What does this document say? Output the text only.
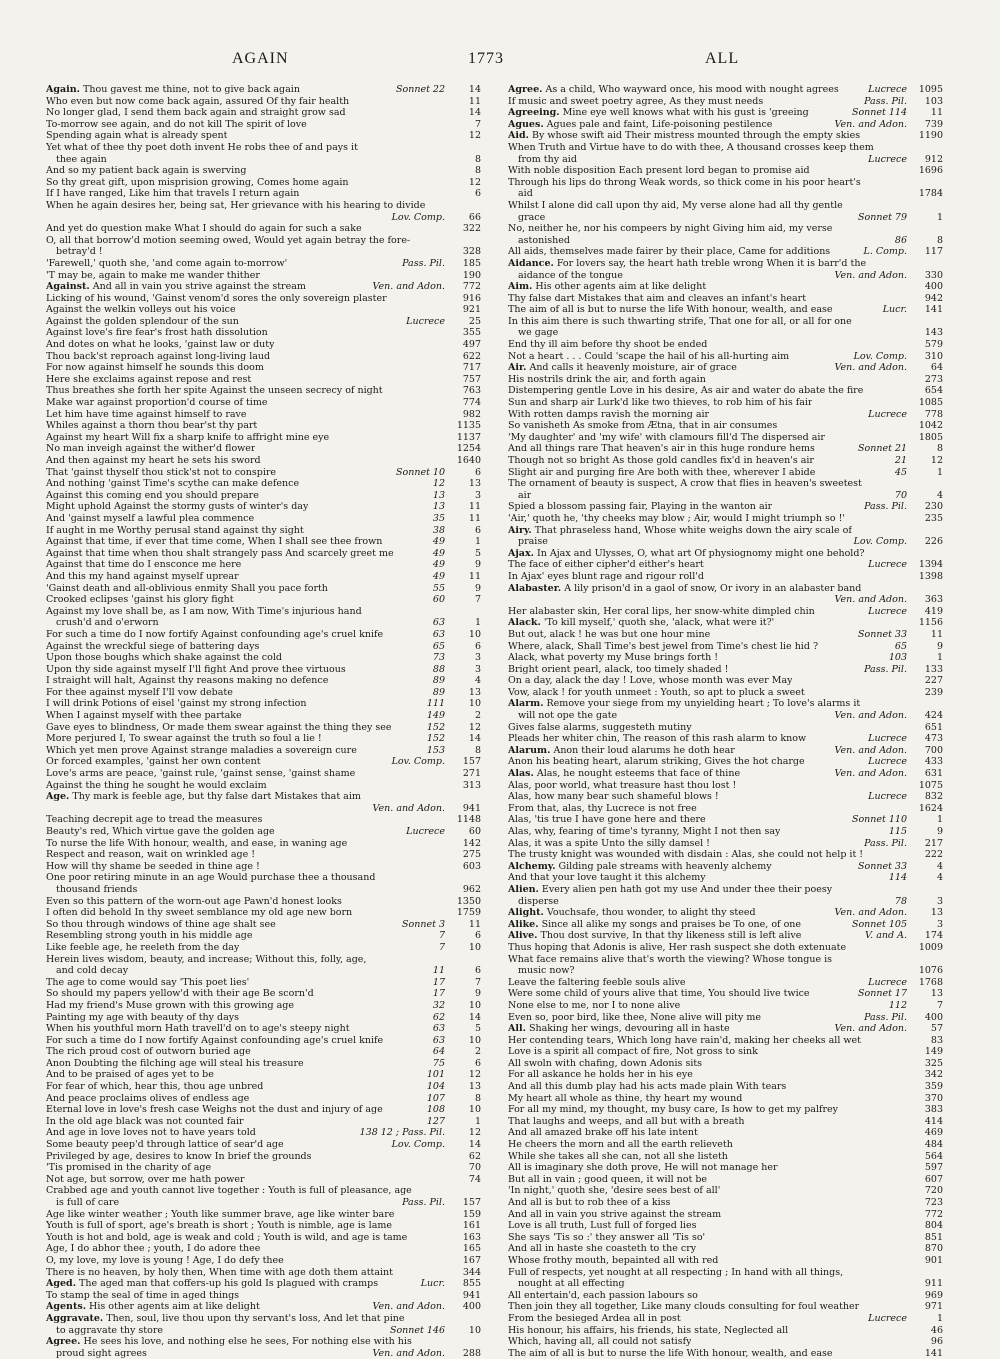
AGAIN	1773	ALL
Again. Thou gavest me thine, not to give back again	Sonnet 22	14
Who even but now come back again, assured Of thy fair health	11
No longer glad, I send them back again and straight grow sad	14
To-morrow see again, and do not kill The spirit of love	7
Spending again what is already spent	12
Yet what of thee thy poet doth invent He robs thee of and pays it
thee again	8
And so my patient back again is swerving	8
So thy great gift, upon misprision growing, Comes home again	12
If I have ranged, Like him that travels I return again	6
When he again desires her, being sat, Her grievance with his hearing to divide
Lov. Comp.	66
And yet do question make What I should do again for such a sake	322
O, all that borrow'd motion seeming owed, Would yet again betray the fore-
betray'd !	328
'Farewell,' quoth she, 'and come again to-morrow'	Pass. Pil.	185
'T may be, again to make me wander thither	190
Against. And all in vain you strive against the stream	Ven. and Adon.	772
Licking of his wound, 'Gainst venom'd sores the only sovereign plaster	916
Against the welkin volleys out his voice	921
Against the golden splendour of the sun	Lucrece	25
Against love's fire fear's frost hath dissolution	355
And dotes on what he looks, 'gainst law or duty	497
Thou back'st reproach against long-living laud	622
For now against himself he sounds this doom	717
Here she exclaims against repose and rest	757
Thus breathes she forth her spite Against the unseen secrecy of night	763
Make war against proportion'd course of time	774
Let him have time against himself to rave	982
Whiles against a thorn thou bear'st thy part	1135
Against my heart Will fix a sharp knife to affright mine eye	1137
No man inveigh against the wither'd flower	1254
And then against my heart he sets his sword	1640
That 'gainst thyself thou stick'st not to conspire	Sonnet 10	6
And nothing 'gainst Time's scythe can make defence	12	13
Against this coming end you should prepare	13	3
Might uphold Against the stormy gusts of winter's day	13	11
And 'gainst myself a lawful plea commence	35	11
If aught in me Worthy perusal stand against thy sight	38	6
Against that time, if ever that time come, When I shall see thee frown	49	1
Against that time when thou shalt strangely pass And scarcely greet me	49	5
Against that time do I ensconce me here	49	9
And this my hand against myself uprear	49	11
'Gainst death and all-oblivious enmity Shall you pace forth	55	9
Crooked eclipses 'gainst his glory fight	60	7
Against my love shall be, as I am now, With Time's injurious hand
crush'd and o'erworn	63	1
For such a time do I now fortify Against confounding age's cruel knife	63	10
Against the wreckful siege of battering days	65	6
Upon those boughs which shake against the cold	73	3
Upon thy side against myself I'll fight And prove thee virtuous	88	3
I straight will halt, Against thy reasons making no defence	89	4
For thee against myself I'll vow debate	89	13
I will drink Potions of eisel 'gainst my strong infection	111	10
When I against myself with thee partake	149	2
Gave eyes to blindness, Or made them swear against the thing they see	152	12
More perjured I, To swear against the truth so foul a lie !	152	14
Which yet men prove Against strange maladies a sovereign cure	153	8
Or forced examples, 'gainst her own content	Lov. Comp.	157
Love's arms are peace, 'gainst rule, 'gainst sense, 'gainst shame	271
Against the thing he sought he would exclaim	313
Age. Thy mark is feeble age, but thy false dart Mistakes that aim
Ven. and Adon.	941
Teaching decrepit age to tread the measures	1148
Beauty's red, Which virtue gave the golden age	Lucrece	60
To nurse the life With honour, wealth, and ease, in waning age	142
Respect and reason, wait on wrinkled age !	275
How will thy shame be seeded in thine age !	603
One poor retiring minute in an age Would purchase thee a thousand
thousand friends	962
Even so this pattern of the worn-out age Pawn'd honest looks	1350
I often did behold In thy sweet semblance my old age new born	1759
So thou through windows of thine age shalt see	Sonnet 3	11
Resembling strong youth in his middle age	7	6
Like feeble age, he reeleth from the day	7	10
Herein lives wisdom, beauty, and increase; Without this, folly, age,
and cold decay	11	6
The age to come would say 'This poet lies'	17	7
So should my papers yellow'd with their age Be scorn'd	17	9
Had my friend's Muse grown with this growing age	32	10
Painting my age with beauty of thy days	62	14
When his youthful morn Hath travell'd on to age's steepy night	63	5
For such a time do I now fortify Against confounding age's cruel knife	63	10
The rich proud cost of outworn buried age	64	2
Anon Doubting the filching age will steal his treasure	75	6
And to be praised of ages yet to be	101	12
For fear of which, hear this, thou age unbred	104	13
And peace proclaims olives of endless age	107	8
Eternal love in love's fresh case Weighs not the dust and injury of age	108	10
In the old age black was not counted fair	127	1
And age in love loves not to have years told	138 12 ; Pass. Pil.	12
Some beauty peep'd through lattice of sear'd age	Lov. Comp.	14
Privileged by age, desires to know In brief the grounds	62
'Tis promised in the charity of age	70
Not age, but sorrow, over me hath power	74
Crabbed age and youth cannot live together : Youth is full of pleasance, age
is full of care	Pass. Pil.	157
Age like winter weather ; Youth like summer brave, age like winter bare	159
Youth is full of sport, age's breath is short ; Youth is nimble, age is lame	161
Youth is hot and bold, age is weak and cold ; Youth is wild, and age is tame	163
Age, I do abhor thee ; youth, I do adore thee	165
O, my love, my love is young ! Age, I do defy thee	167
There is no heaven, by holy then, When time with age doth them attaint	344
Aged. The aged man that coffers-up his gold Is plagued with cramps	Lucr.	855
To stamp the seal of time in aged things	941
Agents. His other agents aim at like delight	Ven. and Adon.	400
Aggravate. Then, soul, live thou upon thy servant's loss, And let that pine
to aggravate thy store	Sonnet 146	10
Agree. He sees his love, and nothing else he sees, For nothing else with his
proud sight agrees	Ven. and Adon.	288
Agree. As a child, Who wayward once, his mood with nought agrees	Lucrece	1095
If music and sweet poetry agree, As they must needs	Pass. Pil.	103
Agreeing. Mine eye well knows what with his gust is 'greeing	Sonnet 114	11
Agues. Agues pale and faint, Life-poisoning pestilence	Ven. and Adon.	739
Aid. By whose swift aid Their mistress mounted through the empty skies	1190
When Truth and Virtue have to do with thee, A thousand crosses keep them
from thy aid	Lucrece	912
With noble disposition Each present lord began to promise aid	1696
Through his lips do throng Weak words, so thick come in his poor heart's
aid	1784
Whilst I alone did call upon thy aid, My verse alone had all thy gentle
grace	Sonnet 79	1
No, neither he, nor his compeers by night Giving him aid, my verse
astonished	86	8
All aids, themselves made fairer by their place, Came for additions	L. Comp.	117
Aidance. For lovers say, the heart hath treble wrong When it is barr'd the
aidance of the tongue	Ven. and Adon.	330
Aim. His other agents aim at like delight	400
Thy false dart Mistakes that aim and cleaves an infant's heart	942
The aim of all is but to nurse the life With honour, wealth, and ease	Lucr.	141
In this aim there is such thwarting strife, That one for all, or all for one
we gage	143
End thy ill aim before thy shoot be ended	579
Not a heart . . . Could 'scape the hail of his all-hurting aim	Lov. Comp.	310
Air. And calls it heavenly moisture, air of grace	Ven. and Adon.	64
His nostrils drink the air, and forth again	273
Distempering gentle Love in his desire, As air and water do abate the fire	654
Sun and sharp air Lurk'd like two thieves, to rob him of his fair	1085
With rotten damps ravish the morning air	Lucrece	778
So vanisheth As smoke from Ætna, that in air consumes	1042
'My daughter' and 'my wife' with clamours fill'd The dispersed air	1805
And all things rare That heaven's air in this huge rondure hems	Sonnet 21	8
Though not so bright As those gold candles fix'd in heaven's air	21	12
Slight air and purging fire Are both with thee, wherever I abide	45	1
The ornament of beauty is suspect, A crow that flies in heaven's sweetest
air	70	4
Spied a blossom passing fair, Playing in the wanton air	Pass. Pil.	230
'Air,' quoth he, 'thy cheeks may blow ; Air, would I might triumph so !'	235
Airy. That phraseless hand, Whose white weighs down the airy scale of
praise	Lov. Comp.	226
Ajax. In Ajax and Ulysses, O, what art Of physiognomy might one behold?
The face of either cipher'd either's heart	Lucrece	1394
In Ajax' eyes blunt rage and rigour roll'd	1398
Alabaster. A lily prison'd in a gaol of snow, Or ivory in an alabaster band
Ven. and Adon.	363
Her alabaster skin, Her coral lips, her snow-white dimpled chin	Lucrece	419
Alack. 'To kill myself,' quoth she, 'alack, what were it?'	1156
But out, alack ! he was but one hour mine	Sonnet 33	11
Where, alack, Shall Time's best jewel from Time's chest lie hid ?	65	9
Alack, what poverty my Muse brings forth !	103	1
Bright orient pearl, alack, too timely shaded !	Pass. Pil.	133
On a day, alack the day ! Love, whose month was ever May	227
Vow, alack ! for youth unmeet : Youth, so apt to pluck a sweet	239
Alarm. Remove your siege from my unyielding heart ; To love's alarms it
will not ope the gate	Ven. and Adon.	424
Gives false alarms, suggesteth mutiny	651
Pleads her whiter chin, The reason of this rash alarm to know	Lucrece	473
Alarum. Anon their loud alarums he doth hear	Ven. and Adon.	700
Anon his beating heart, alarum striking, Gives the hot charge	Lucrece	433
Alas. Alas, he nought esteems that face of thine	Ven. and Adon.	631
Alas, poor world, what treasure hast thou lost !	1075
Alas, how many bear such shameful blows !	Lucrece	832
From that, alas, thy Lucrece is not free	1624
Alas, 'tis true I have gone here and there	Sonnet 110	1
Alas, why, fearing of time's tyranny, Might I not then say	115	9
Alas, it was a spite Unto the silly damsel !	Pass. Pil.	217
The trusty knight was wounded with disdain : Alas, she could not help it !	222
Alchemy. Gilding pale streams with heavenly alchemy	Sonnet 33	4
And that your love taught it this alchemy	114	4
Alien. Every alien pen hath got my use And under thee their poesy
disperse	78	3
Alight. Vouchsafe, thou wonder, to alight thy steed	Ven. and Adon.	13
Alike. Since all alike my songs and praises be To one, of one	Sonnet 105	3
Alive. Thou dost survive, In that thy likeness still is left alive	V. and A.	174
Thus hoping that Adonis is alive, Her rash suspect she doth extenuate	1009
What face remains alive that's worth the viewing? Whose tongue is
music now?	1076
Leave the faltering feeble souls alive	Lucrece	1768
Were some child of yours alive that time, You should live twice	Sonnet 17	13
None else to me, nor I to none alive	112	7
Even so, poor bird, like thee, None alive will pity me	Pass. Pil.	400
All. Shaking her wings, devouring all in haste	Ven. and Adon.	57
Her contending tears, Which long have rain'd, making her cheeks all wet	83
Love is a spirit all compact of fire, Not gross to sink	149
All swoln with chafing, down Adonis sits	325
For all askance he holds her in his eye	342
And all this dumb play had his acts made plain With tears	359
My heart all whole as thine, thy heart my wound	370
For all my mind, my thought, my busy care, Is how to get my palfrey	383
That laughs and weeps, and all but with a breath	414
And all amazed brake off his late intent	469
He cheers the morn and all the earth relieveth	484
While she takes all she can, not all she listeth	564
All is imaginary she doth prove, He will not manage her	597
But all in vain ; good queen, it will not be	607
'In night,' quoth she, 'desire sees best of all'	720
And all is but to rob thee of a kiss	723
And all in vain you strive against the stream	772
Love is all truth, Lust full of forged lies	804
She says 'Tis so :' they answer all 'Tis so'	851
And all in haste she coasteth to the cry	870
Whose frothy mouth, bepainted all with red	901
Full of respects, yet nought at all respecting ; In hand with all things,
nought at all effecting	911
All entertain'd, each passion labours so	969
Then join they all together, Like many clouds consulting for foul weather	971
From the besieged Ardea all in post	Lucrece	1
His honour, his affairs, his friends, his state, Neglected all	46
Which, having all, all could not satisfy	96
The aim of all is but to nurse the life With honour, wealth, and ease	141
